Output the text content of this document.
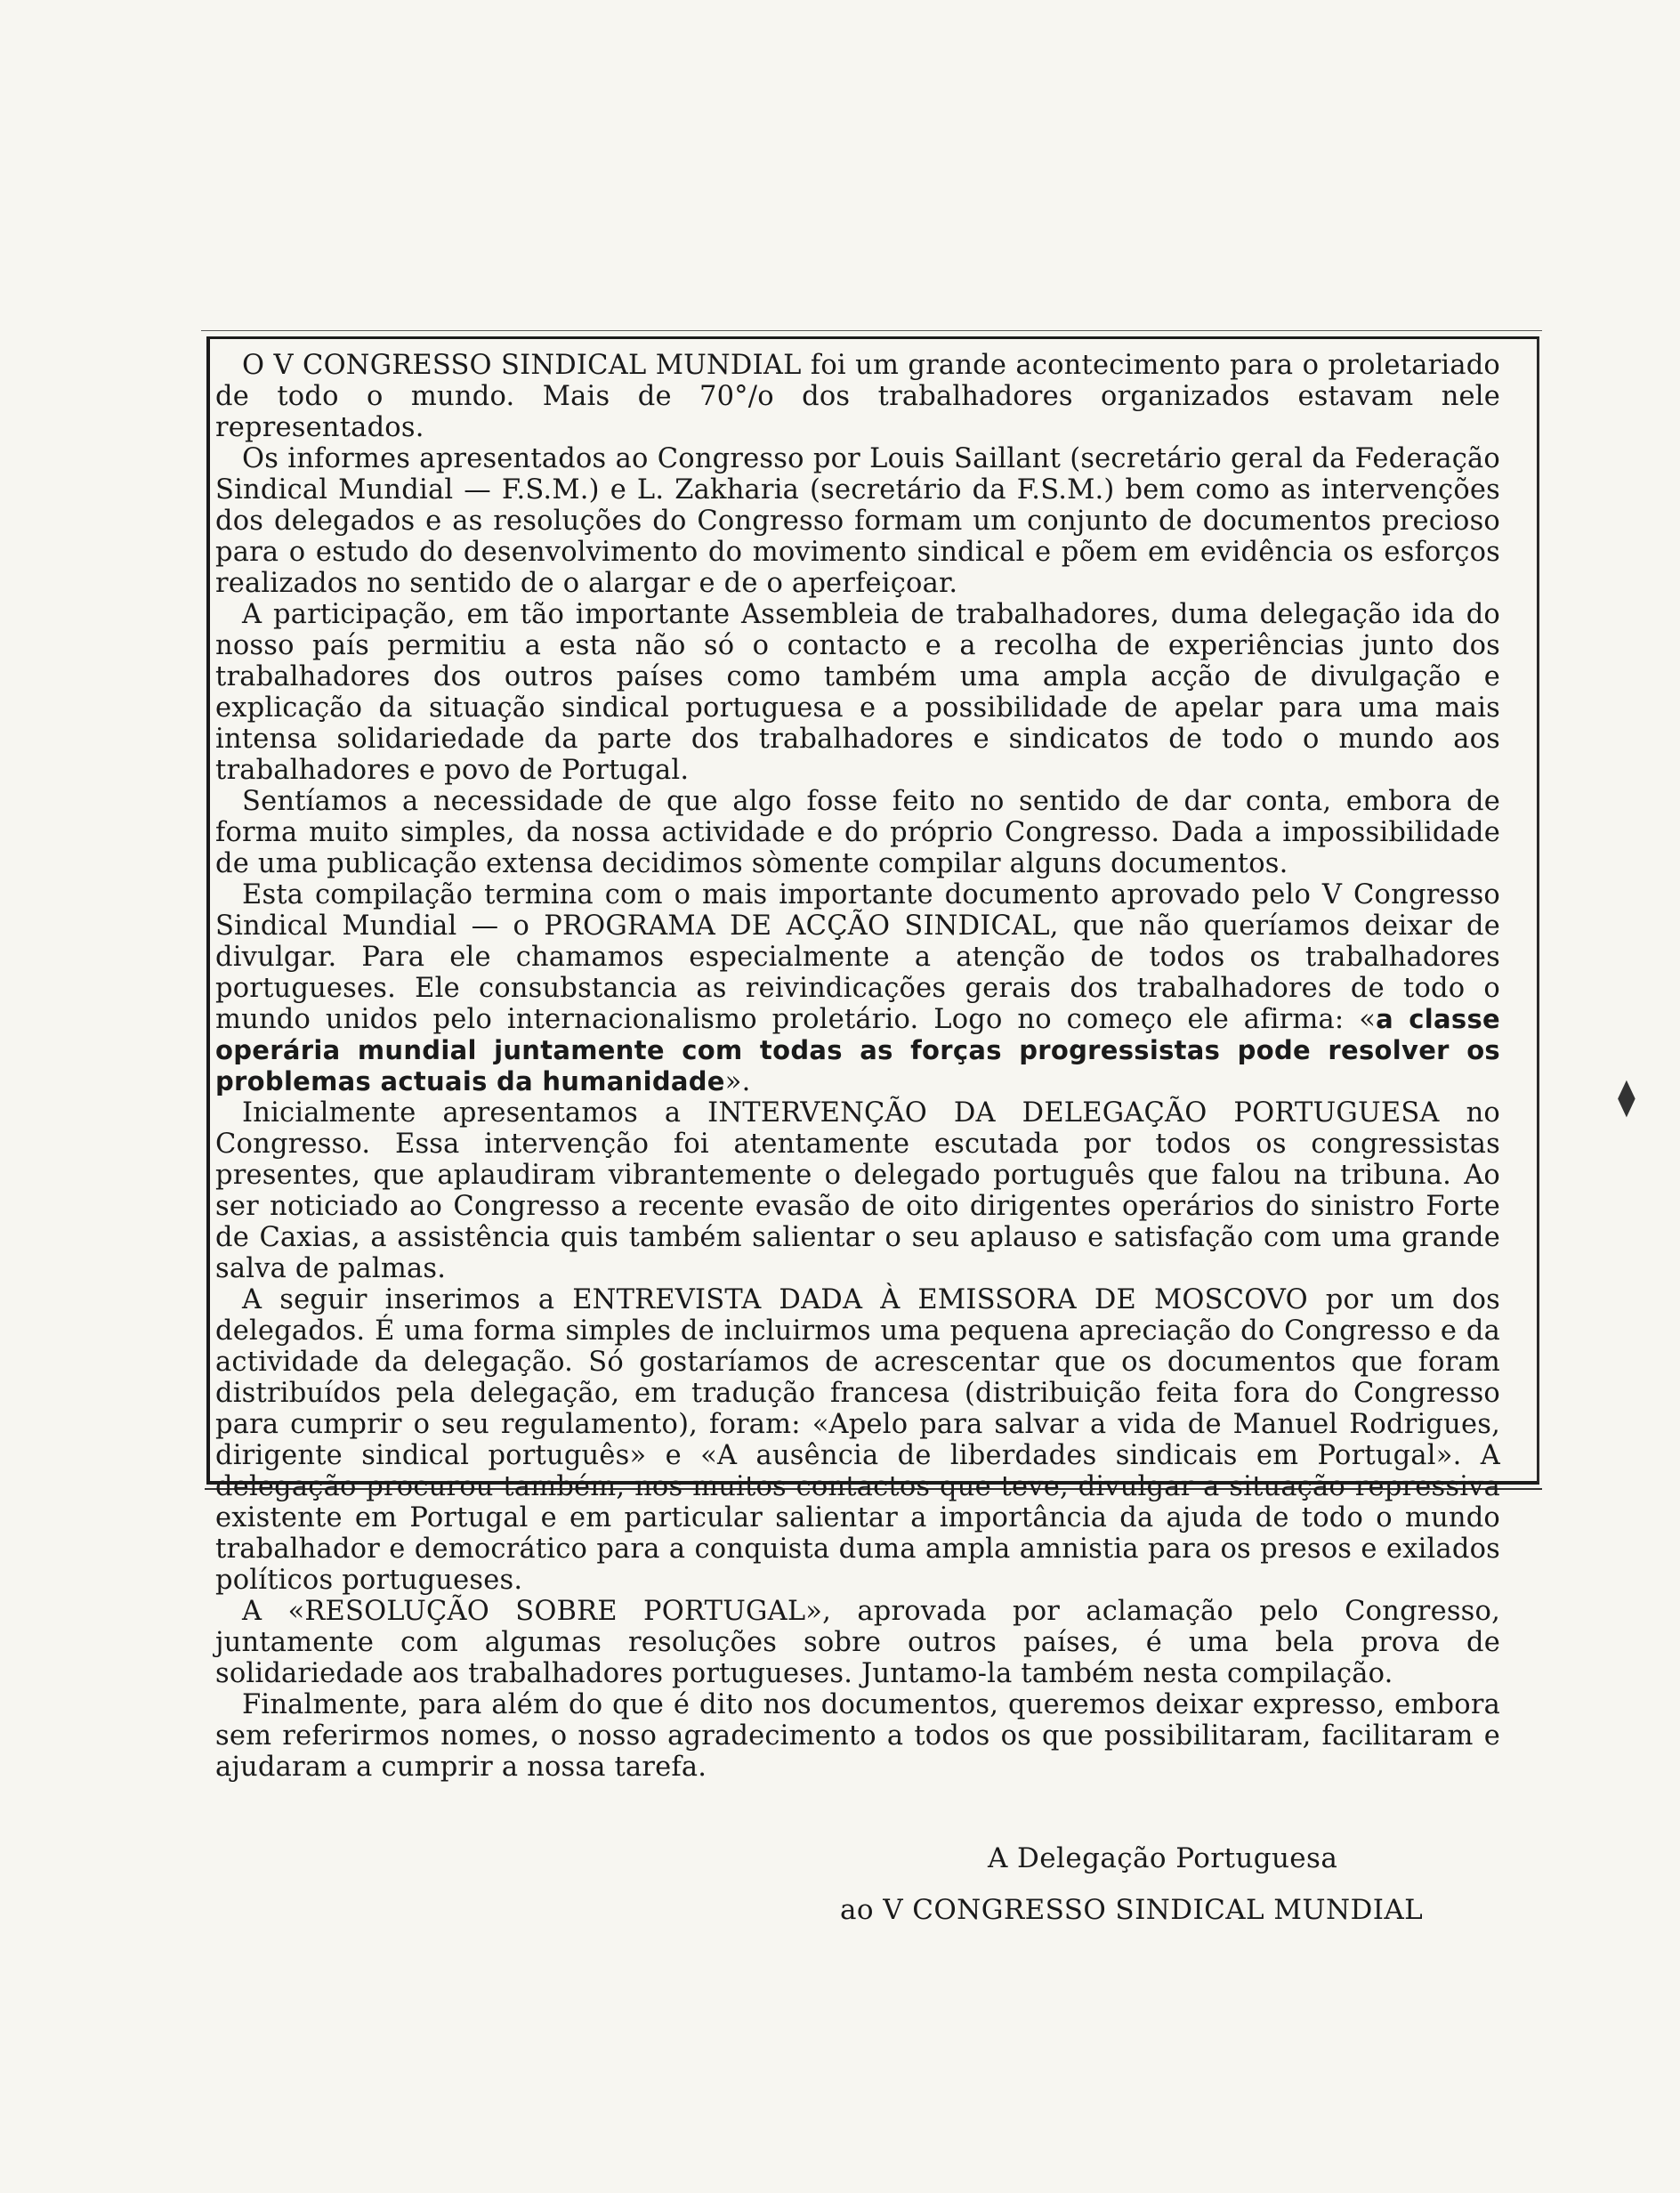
O V CONGRESSO SINDICAL MUNDIAL foi um grande acontecimento para o proletariado de todo o mundo. Mais de 70°/o dos trabalhadores organizados estavam nele representados.

Os informes apresentados ao Congresso por Louis Saillant (secretário geral da Federação Sindical Mundial — F.S.M.) e L. Zakharia (secretário da F.S.M.) bem como as intervenções dos delegados e as resoluções do Congresso formam um conjunto de documentos precioso para o estudo do desenvolvimento do movimento sindical e põem em evidência os esforços realizados no sentido de o alargar e de o aperfeiçoar.

A participação, em tão importante Assembleia de trabalhadores, duma delegação ida do nosso país permitiu a esta não só o contacto e a recolha de experiências junto dos trabalhadores dos outros países como também uma ampla acção de divulgação e explicação da situação sindical portuguesa e a possibilidade de apelar para uma mais intensa solidariedade da parte dos trabalhadores e sindicatos de todo o mundo aos trabalhadores e povo de Portugal.

Sentíamos a necessidade de que algo fosse feito no sentido de dar conta, embora de forma muito simples, da nossa actividade e do próprio Congresso. Dada a impossibilidade de uma publicação extensa decidimos sòmente compilar alguns documentos.

Esta compilação termina com o mais importante documento aprovado pelo V Congresso Sindical Mundial — o PROGRAMA DE ACÇÃO SINDICAL, que não queríamos deixar de divulgar. Para ele chamamos especialmente a atenção de todos os trabalhadores portugueses. Ele consubstancia as reivindicações gerais dos trabalhadores de todo o mundo unidos pelo internacionalismo proletário. Logo no começo ele afirma: «a classe operária mundial juntamente com todas as forças progressistas pode resolver os problemas actuais da humanidade».

Inicialmente apresentamos a INTERVENÇÃO DA DELEGAÇÃO PORTUGUESA no Congresso. Essa intervenção foi atentamente escutada por todos os congressistas presentes, que aplaudiram vibrantemente o delegado português que falou na tribuna. Ao ser noticiado ao Congresso a recente evasão de oito dirigentes operários do sinistro Forte de Caxias, a assistência quis também salientar o seu aplauso e satisfação com uma grande salva de palmas.

A seguir inserimos a ENTREVISTA DADA À EMISSORA DE MOSCOVO por um dos delegados. É uma forma simples de incluirmos uma pequena apreciação do Congresso e da actividade da delegação. Só gostaríamos de acrescentar que os documentos que foram distribuídos pela delegação, em tradução francesa (distribuição feita fora do Congresso para cumprir o seu regulamento), foram: «Apelo para salvar a vida de Manuel Rodrigues, dirigente sindical português» e «A ausência de liberdades sindicais em Portugal». A delegação procurou também, nos muitos contactos que teve, divulgar a situação repressiva existente em Portugal e em particular salientar a importância da ajuda de todo o mundo trabalhador e democrático para a conquista duma ampla amnistia para os presos e exilados políticos portugueses.

A «RESOLUÇÃO SOBRE PORTUGAL», aprovada por aclamação pelo Congresso, juntamente com algumas resoluções sobre outros países, é uma bela prova de solidariedade aos trabalhadores portugueses. Juntamo-la também nesta compilação.

Finalmente, para além do que é dito nos documentos, queremos deixar expresso, embora sem referirmos nomes, o nosso agradecimento a todos os que possibilitaram, facilitaram e ajudaram a cumprir a nossa tarefa.

A Delegação Portuguesa
ao V CONGRESSO SINDICAL MUNDIAL
⧫
